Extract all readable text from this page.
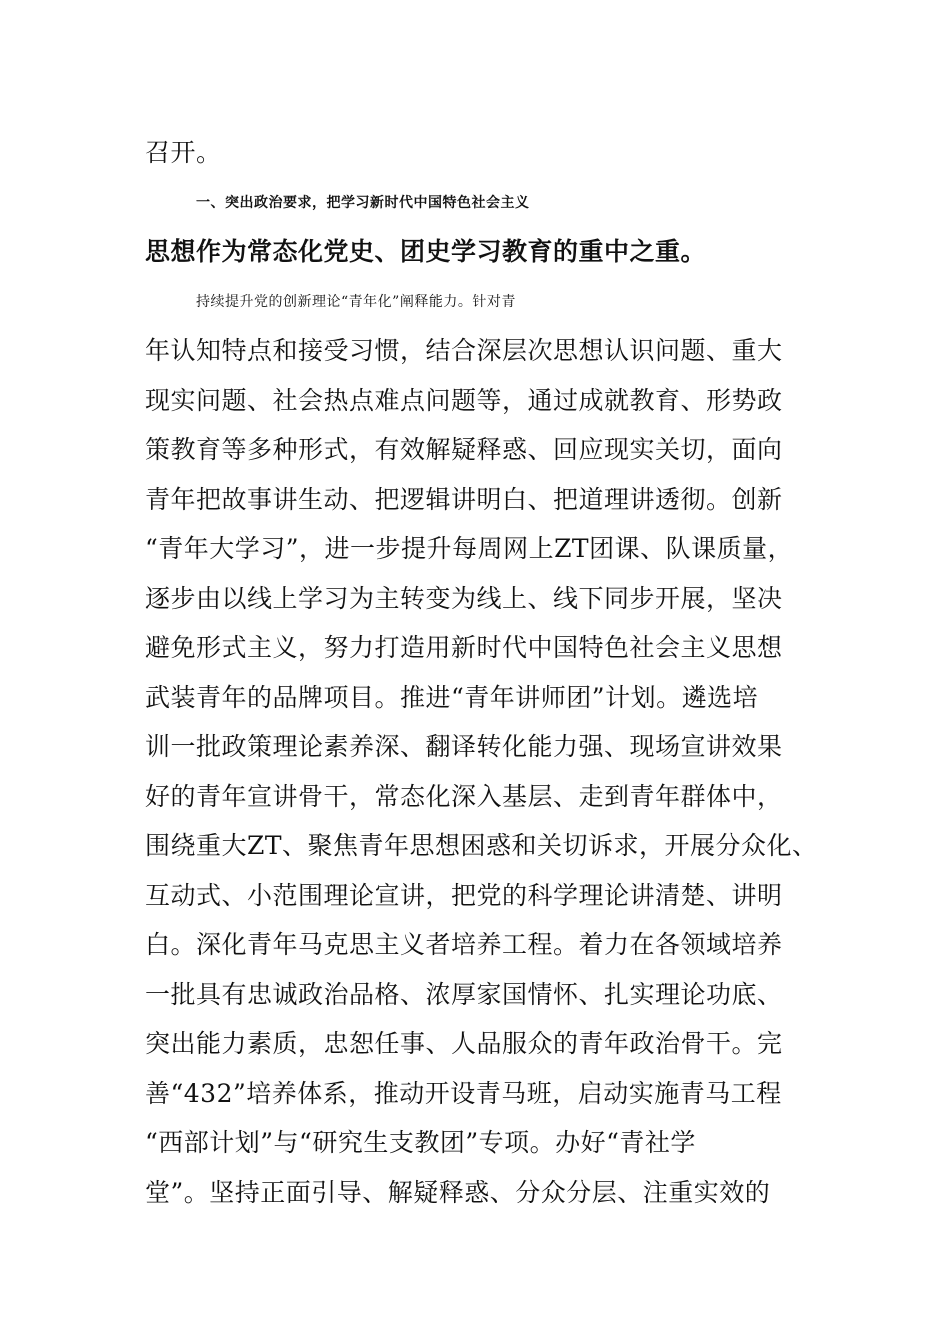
召开。
一、突出政治要求，把学习新时代中国特色社会主义
思想作为常态化党史、团史学习教育的重中之重。
持续提升党的创新理论“青年化”阐释能力。针对青
年认知特点和接受习惯，结合深层次思想认识问题、重大
现实问题、社会热点难点问题等，通过成就教育、形势政
策教育等多种形式，有效解疑释惑、回应现实关切，面向
青年把故事讲生动、把逻辑讲明白、把道理讲透彻。创新
“青年大学习”，进一步提升每周网上ZT团课、队课质量，
逐步由以线上学习为主转变为线上、线下同步开展，坚决
避免形式主义，努力打造用新时代中国特色社会主义思想
武装青年的品牌项目。推进“青年讲师团”计划。遴选培
训一批政策理论素养深、翻译转化能力强、现场宣讲效果
好的青年宣讲骨干，常态化深入基层、走到青年群体中，
围绕重大ZT、聚焦青年思想困惑和关切诉求，开展分众化、
互动式、小范围理论宣讲，把党的科学理论讲清楚、讲明
白。深化青年马克思主义者培养工程。着力在各领域培养
一批具有忠诚政治品格、浓厚家国情怀、扎实理论功底、
突出能力素质，忠恕任事、人品服众的青年政治骨干。完
善“432”培养体系，推动开设青马班，启动实施青马工程
“西部计划”与“研究生支教团”专项。办好“青社学
堂”。坚持正面引导、解疑释惑、分众分层、注重实效的
